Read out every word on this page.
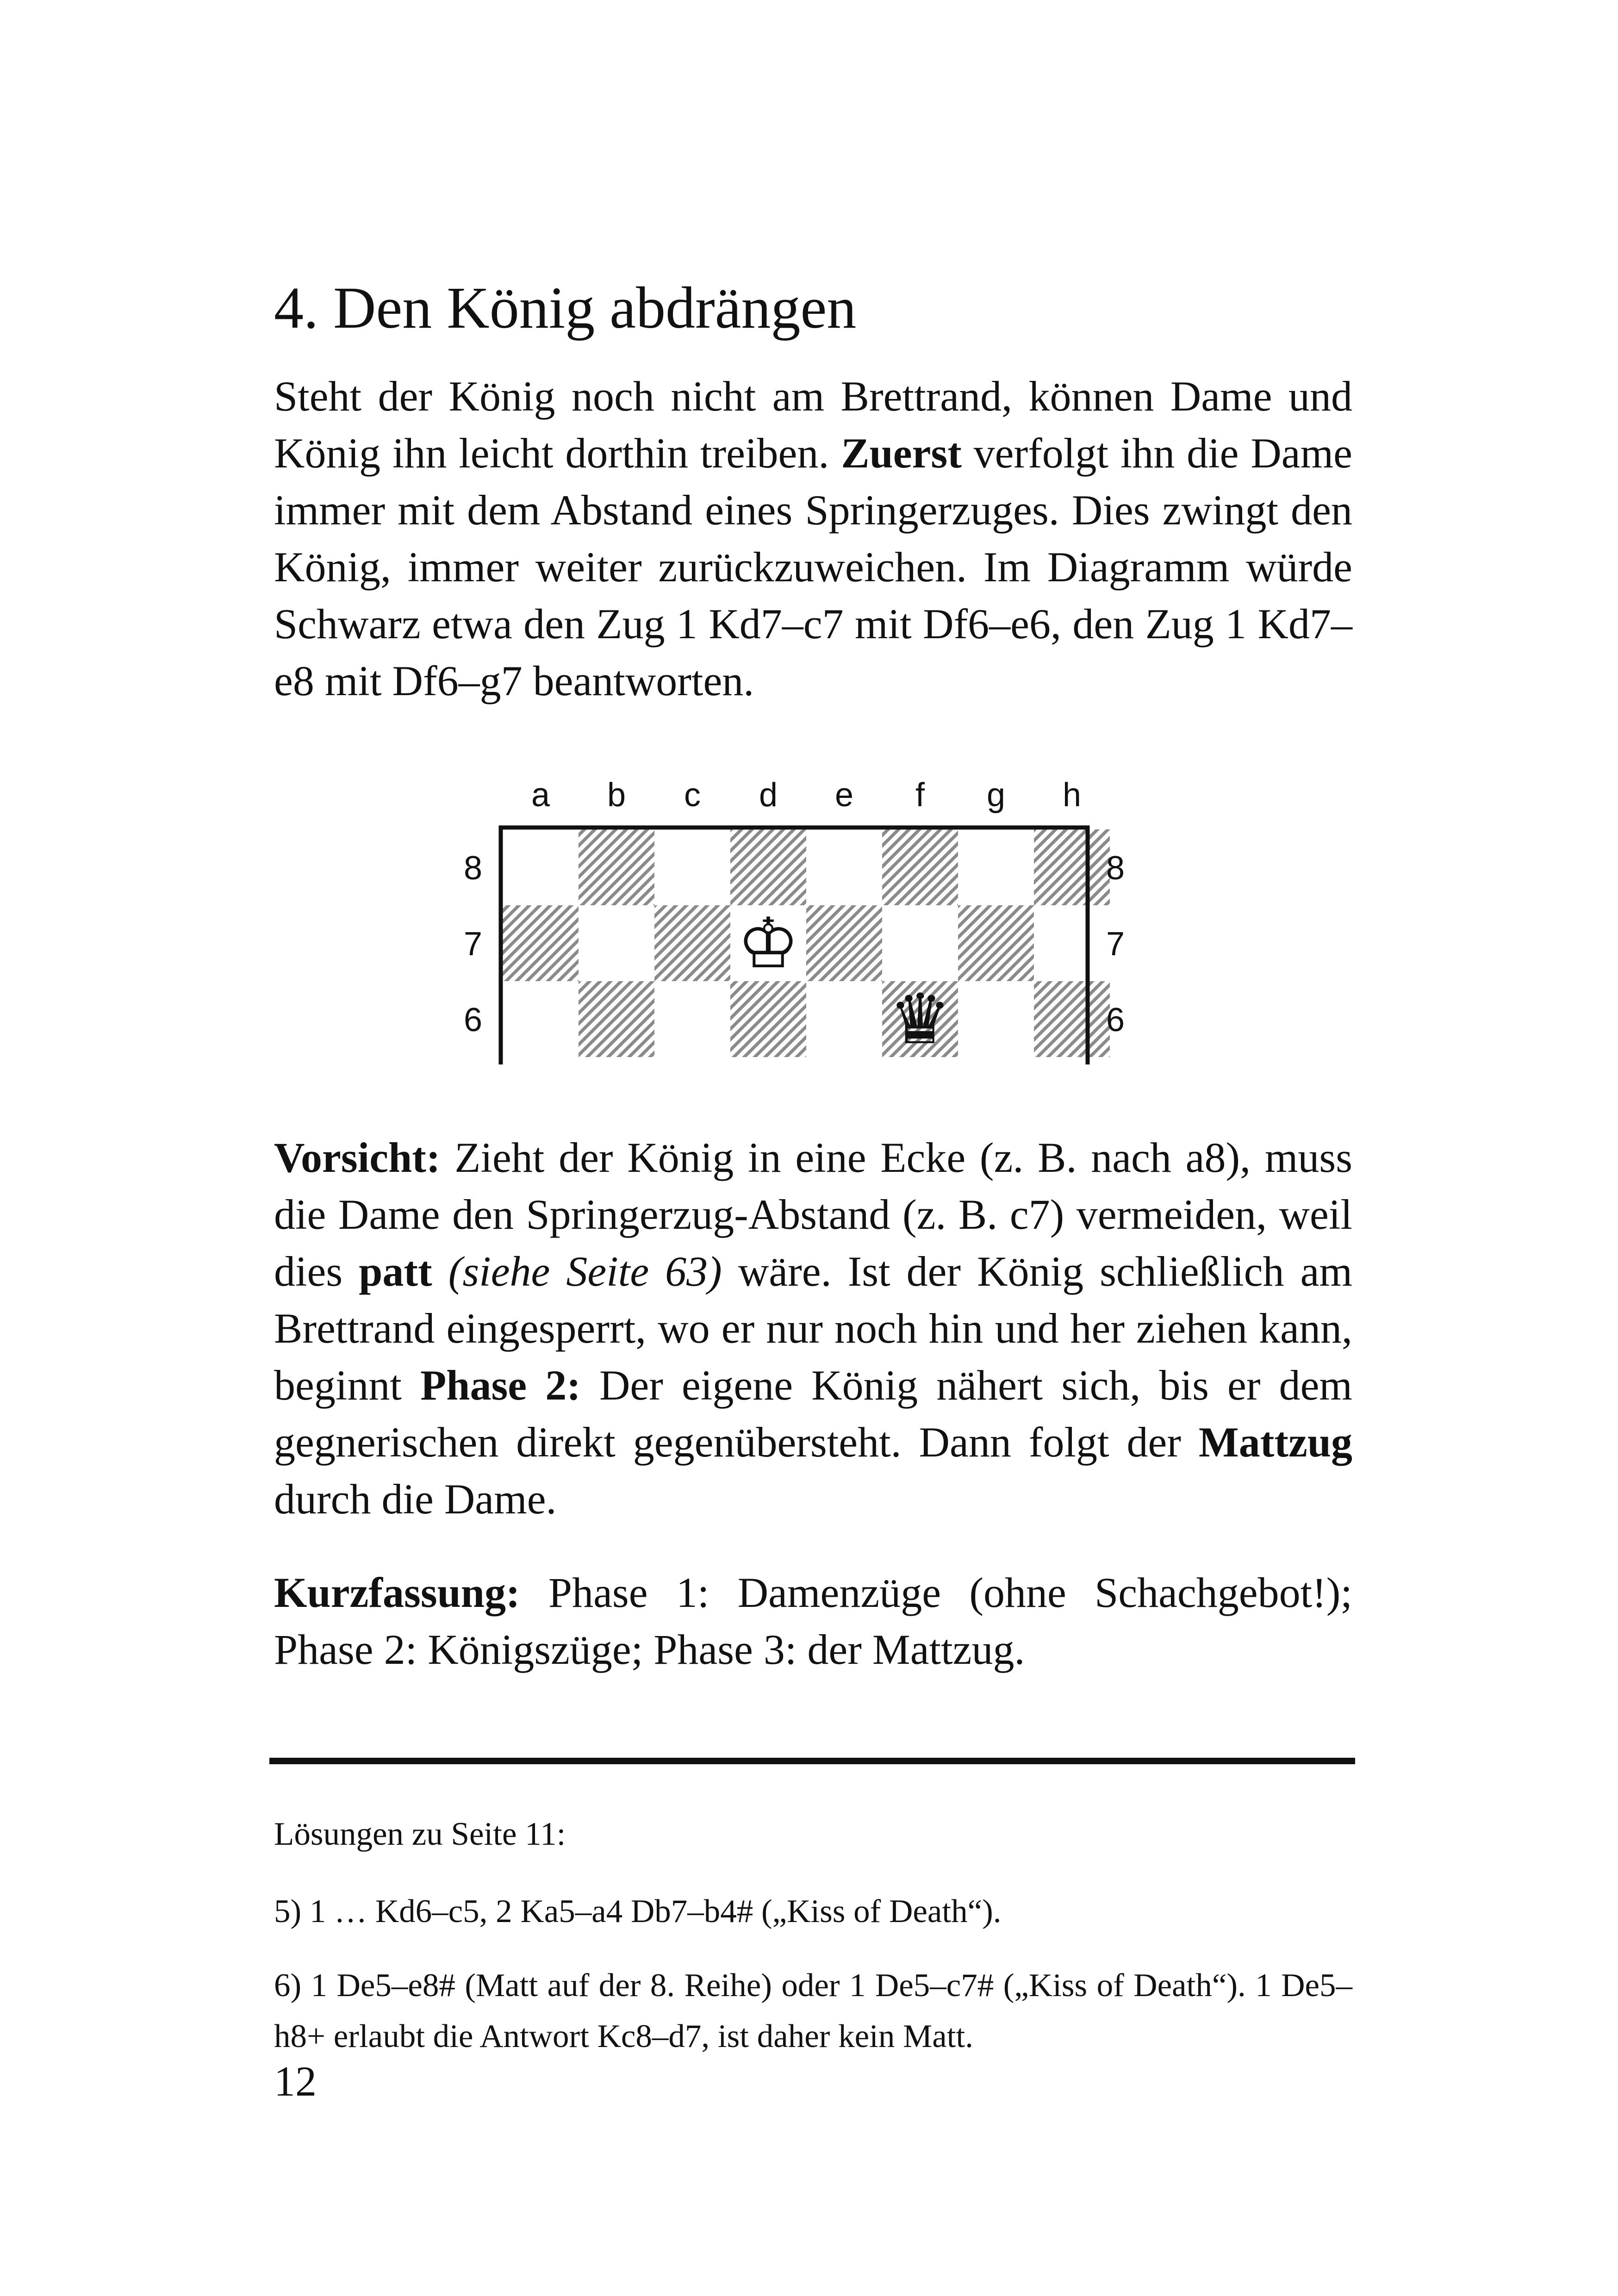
4. Den König abdrängen
Steht der König noch nicht am Brettrand, können Dame und König ihn leicht dorthin treiben. Zuerst verfolgt ihn die Dame immer mit dem Abstand eines Springerzuges. Dies zwingt den König, immer weiter zurückzuweichen. Im Diagramm würde Schwarz etwa den Zug 1 Kd7–c7 mit Df6–e6, den Zug 1 Kd7–e8 mit Df6–g7 beantworten.
a b c d e f g h
8	8
7	7
6	6
♔
♛
Vorsicht: Zieht der König in eine Ecke (z. B. nach a8), muss die Dame den Springerzug-Abstand (z. B. c7) vermeiden, weil dies patt (siehe Seite 63) wäre. Ist der König schließlich am Brettrand eingesperrt, wo er nur noch hin und her ziehen kann, beginnt Phase 2: Der eigene König nähert sich, bis er dem gegnerischen direkt gegenübersteht. Dann folgt der Mattzug durch die Dame.
Kurzfassung: Phase 1: Damenzüge (ohne Schachgebot!); Phase 2: Königszüge; Phase 3: der Mattzug.
Lösungen zu Seite 11:
5) 1 … Kd6–c5, 2 Ka5–a4 Db7–b4# („Kiss of Death“).
6) 1 De5–e8# (Matt auf der 8. Reihe) oder 1 De5–c7# („Kiss of Death“). 1 De5–h8+ erlaubt die Antwort Kc8–d7, ist daher kein Matt.
12
